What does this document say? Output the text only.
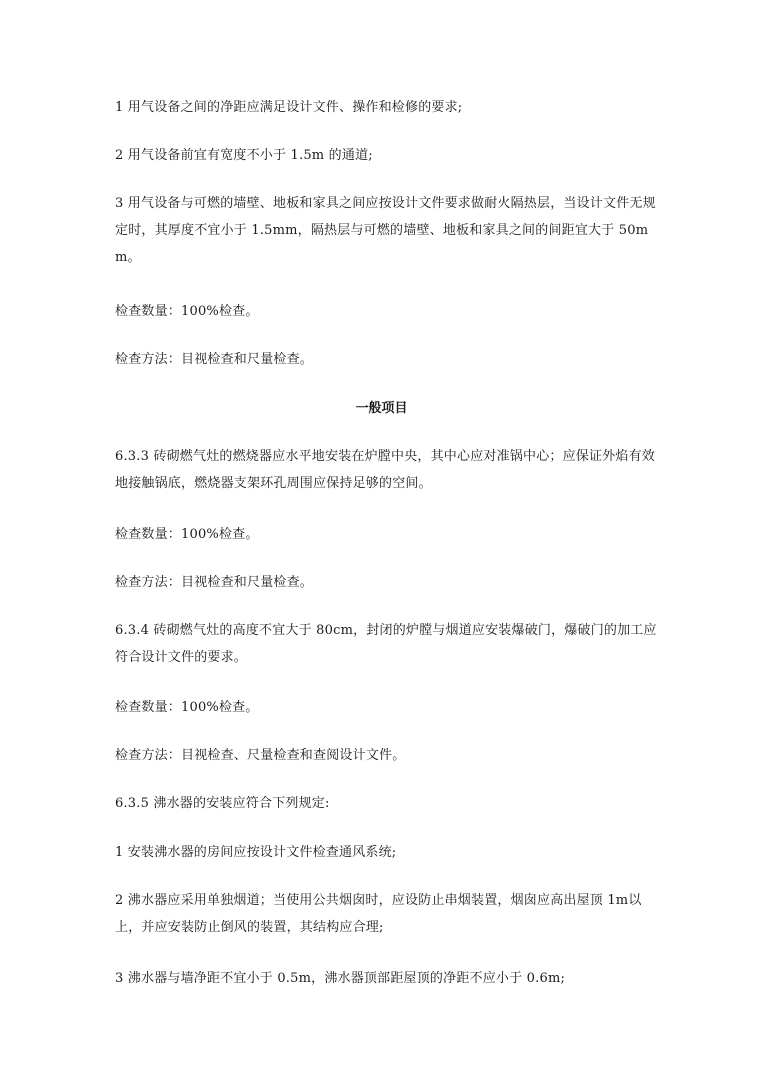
1 用气设备之间的净距应满足设计文件、操作和检修的要求;

2 用气设备前宜有宽度不小于 1.5m 的通道;

3 用气设备与可燃的墙壁、地板和家具之间应按设计文件要求做耐火隔热层，当设计文件无规定时，其厚度不宜小于 1.5mm，隔热层与可燃的墙壁、地板和家具之间的间距宜大于 50mm。

检查数量：100%检查。

检查方法：目视检查和尺量检查。

一般项目

6.3.3 砖砌燃气灶的燃烧器应水平地安装在炉膛中央，其中心应对准锅中心；应保证外焰有效地接触锅底，燃烧器支架环孔周围应保持足够的空间。

检查数量：100%检查。

检查方法：目视检查和尺量检查。

6.3.4 砖砌燃气灶的高度不宜大于 80cm，封闭的炉膛与烟道应安装爆破门，爆破门的加工应符合设计文件的要求。

检查数量：100%检查。

检查方法：目视检查、尺量检查和查阅设计文件。

6.3.5 沸水器的安装应符合下列规定:

1 安装沸水器的房间应按设计文件检查通风系统;

2 沸水器应采用单独烟道；当使用公共烟囱时，应设防止串烟装置，烟囱应高出屋顶 1m以上，并应安装防止倒风的装置，其结构应合理;

3 沸水器与墙净距不宜小于 0.5m，沸水器顶部距屋顶的净距不应小于 0.6m;
